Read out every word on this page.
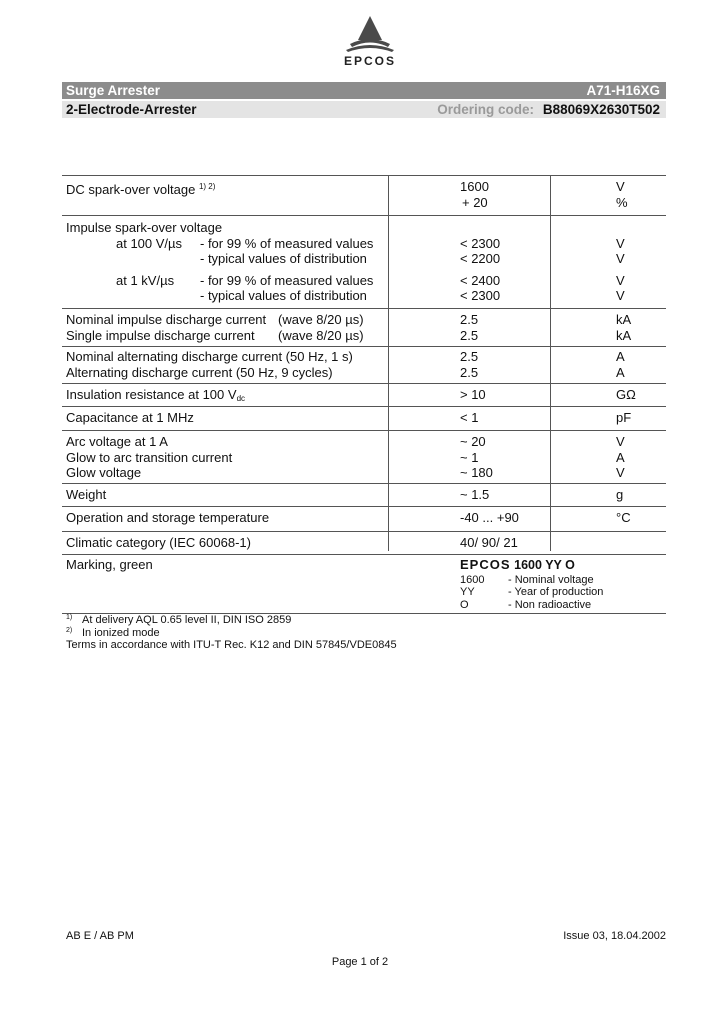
EPCOS
Surge Arrester	A71-H16XG
2-Electrode-Arrester	Ordering code: B88069X2630T502
DC spark-over voltage $^{1) 2)}$	1600	V
+ 20	%
Impulse spark-over voltage
at 100 V/µs - for 99 % of measured values	< 2300	V
- typical values of distribution	< 2200	V
at 1 kV/µs - for 99 % of measured values	< 2400	V
- typical values of distribution	< 2300	V
Nominal impulse discharge current (wave 8/20 µs)	2.5	kA
Single impulse discharge current (wave 8/20 µs)	2.5	kA
Nominal alternating discharge current (50 Hz, 1 s)	2.5	A
Alternating discharge current (50 Hz, 9 cycles)	2.5	A
Insulation resistance at 100 $V_{dc}$	> 10	GΩ
Capacitance at 1 MHz	< 1	pF
Arc voltage at 1 A	~ 20	V
Glow to arc transition current	~ 1	A
Glow voltage	~ 180	V
Weight	~ 1.5	g
Operation and storage temperature	-40 ... +90	°C
Climatic category (IEC 60068-1)	40/ 90/ 21
Marking, green	EPCOS 1600 YY O
1600 - Nominal voltage
YY	- Year of production
O	- Non radioactive
1) At delivery AQL 0.65 level II, DIN ISO 2859
2) In ionized mode
Terms in accordance with ITU-T Rec. K12 and DIN 57845/VDE0845
AB E / AB PM	Issue 03, 18.04.2002
Page 1 of 2
